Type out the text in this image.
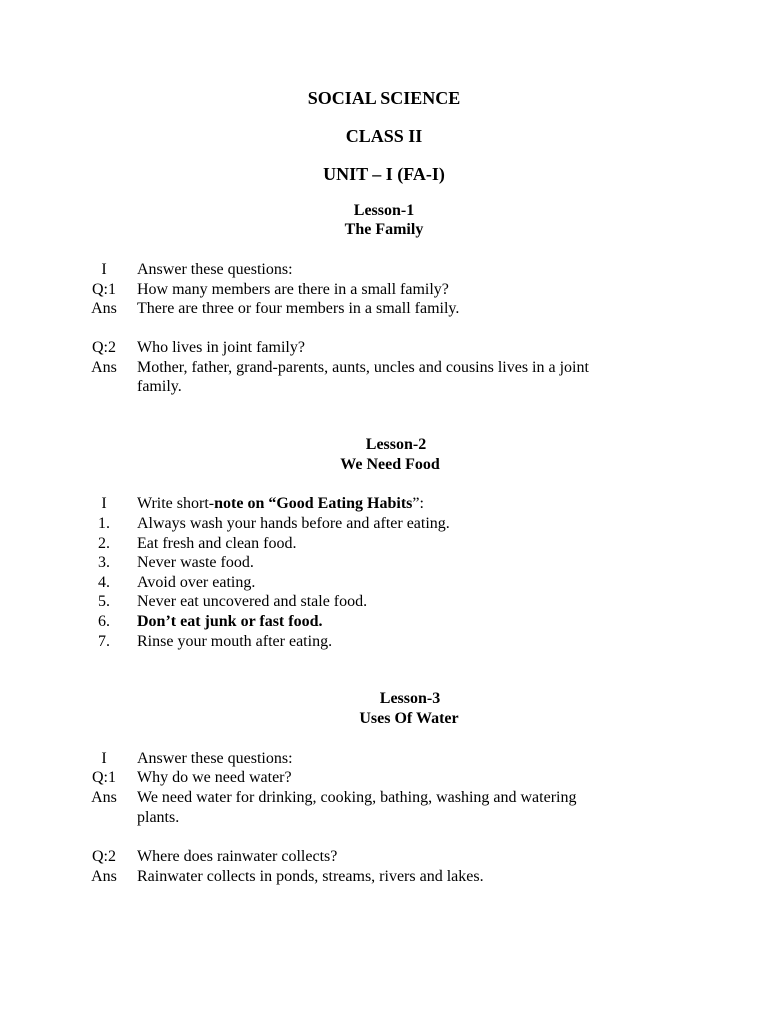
SOCIAL SCIENCE
CLASS II
UNIT – I (FA-I)
Lesson-1
The Family
I	Answer these questions:
Q:1	How many members are there in a small family?
Ans	There are three or four members in a small family.
Q:2	Who lives in joint family?
Ans	Mother, father, grand-parents, aunts, uncles and cousins lives in a joint
family.
Lesson-2
We Need Food
I	Write short-note on “Good Eating Habits”:
1.	Always wash your hands before and after eating.
2.	Eat fresh and clean food.
3.	Never waste food.
4.	Avoid over eating.
5.	Never eat uncovered and stale food.
6.	Don’t eat junk or fast food.
7.	Rinse your mouth after eating.
Lesson-3
Uses Of Water
I	Answer these questions:
Q:1	Why do we need water?
Ans	We need water for drinking, cooking, bathing, washing and watering
plants.
Q:2	Where does rainwater collects?
Ans	Rainwater collects in ponds, streams, rivers and lakes.
